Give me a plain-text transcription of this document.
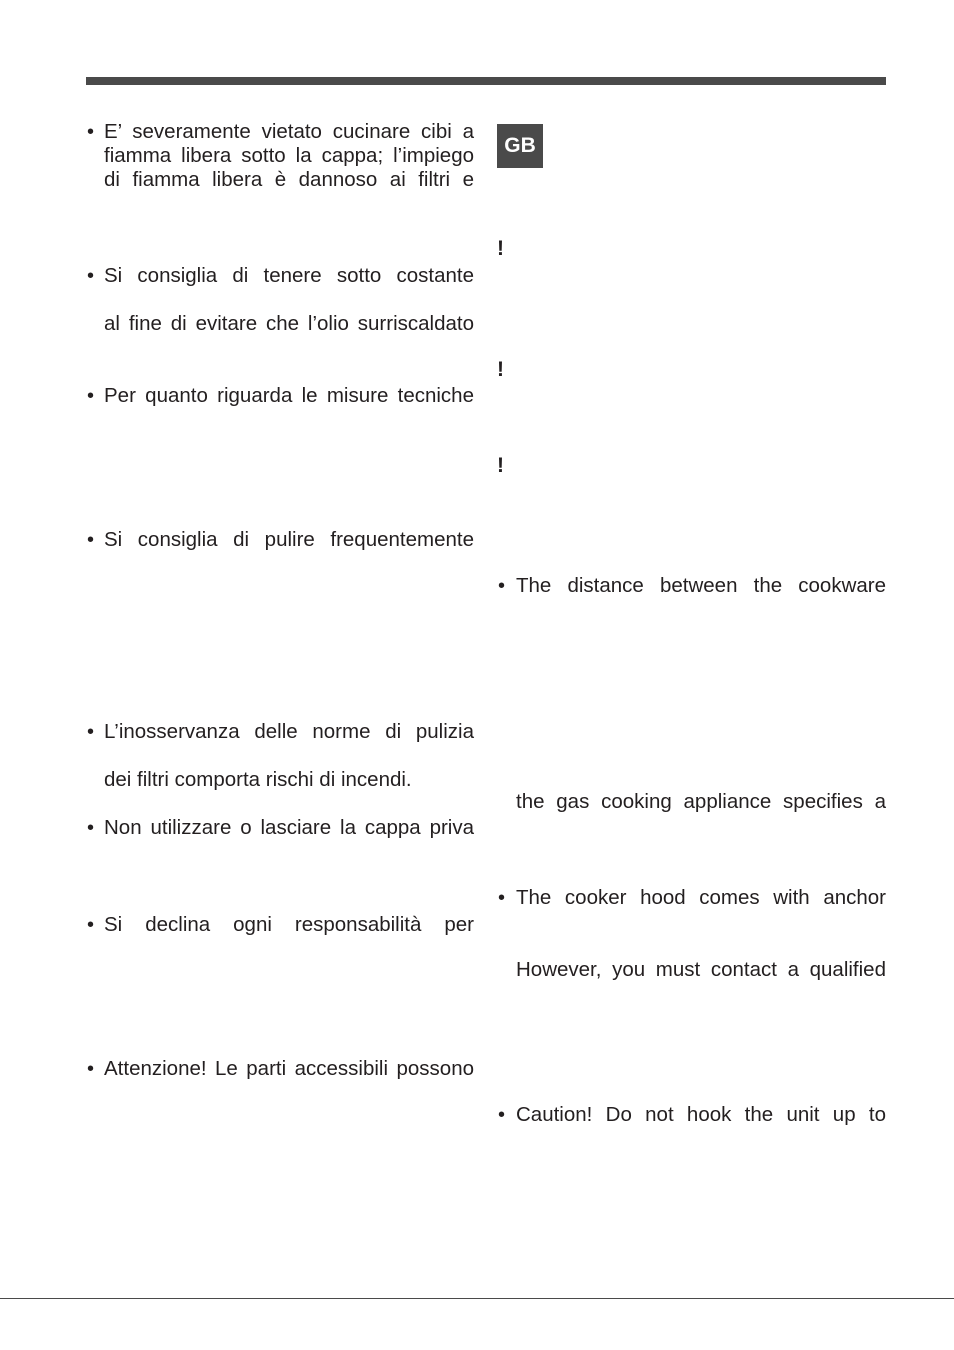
• E’ severamente vietato cucinare cibi a
fiamma libera sotto la cappa; l’impiego
di fiamma libera è dannoso ai filtri e
• Si consiglia di tenere sotto costante
al fine di evitare che l’olio surriscaldato
• Per quanto riguarda le misure tecniche
• Si consiglia di pulire frequentemente
• L’inosservanza delle norme di pulizia
dei filtri comporta rischi di incendi.
• Non utilizzare o lasciare la cappa priva
• Si declina ogni responsabilità per
• Attenzione! Le parti accessibili possono
GB
!
!
!
• The distance between the cookware
the gas cooking appliance specifies a
• The cooker hood comes with anchor
However, you must contact a qualified
• Caution! Do not hook the unit up to
